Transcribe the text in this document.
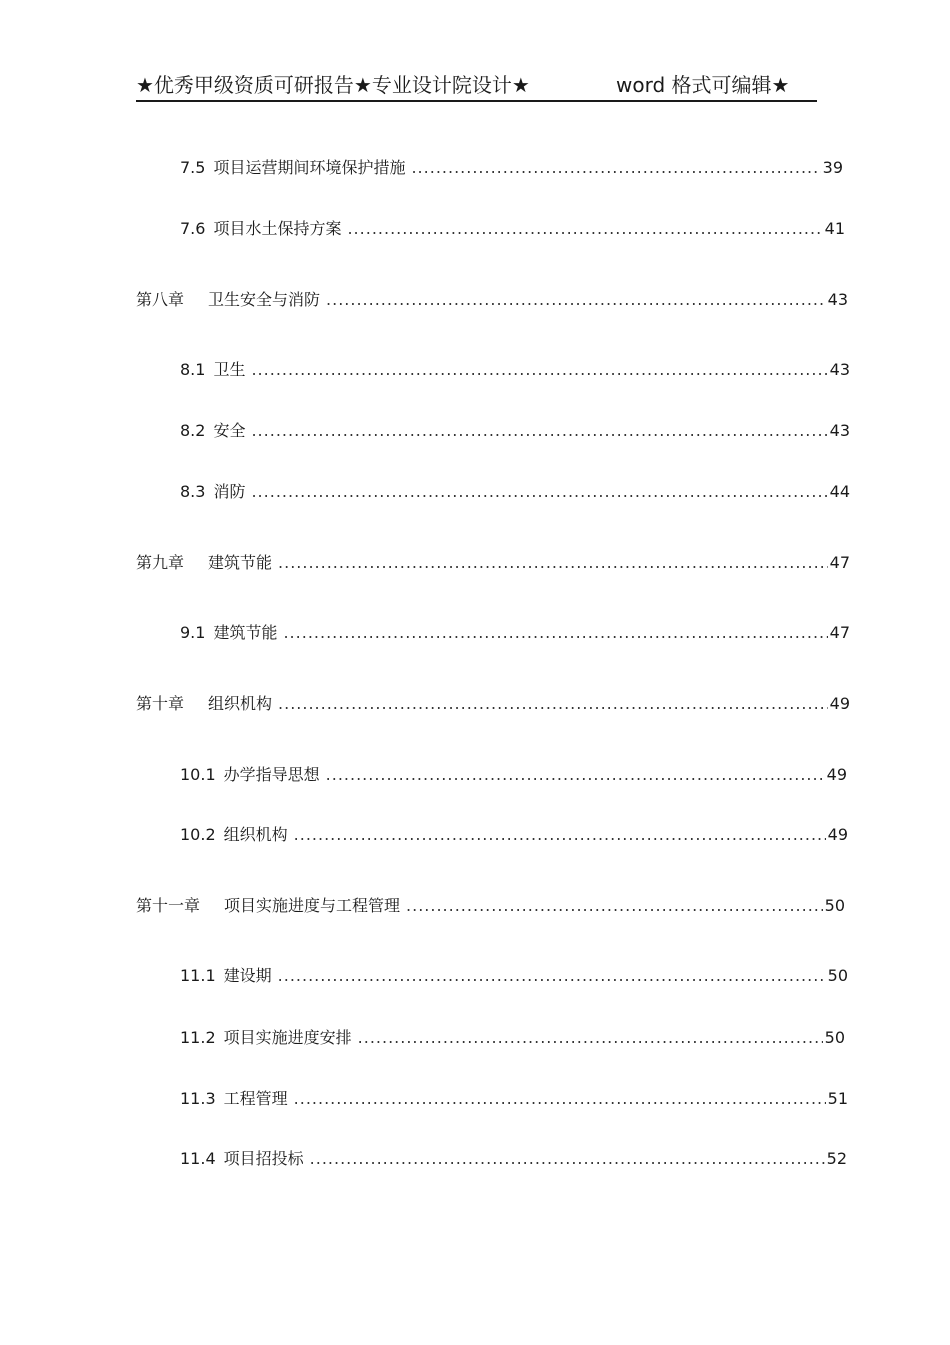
★优秀甲级资质可研报告★专业设计院设计★	word 格式可编辑★
7.5 项目运营期间环境保护措施 .....	39
7.6 项目水土保持方案 .....	41
第八章 卫生安全与消防 .....	43
8.1 卫生 .....	43
8.2 安全 .....	43
8.3 消防 .....	44
第九章 建筑节能 .....	47
9.1 建筑节能 .....	47
第十章 组织机构 .....	49
10.1 办学指导思想 .....	49
10.2 组织机构 .....	49
第十一章 项目实施进度与工程管理 .....	50
11.1 建设期 .....	50
11.2 项目实施进度安排 .....	50
11.3 工程管理 .....	51
11.4 项目招投标 .....	52
